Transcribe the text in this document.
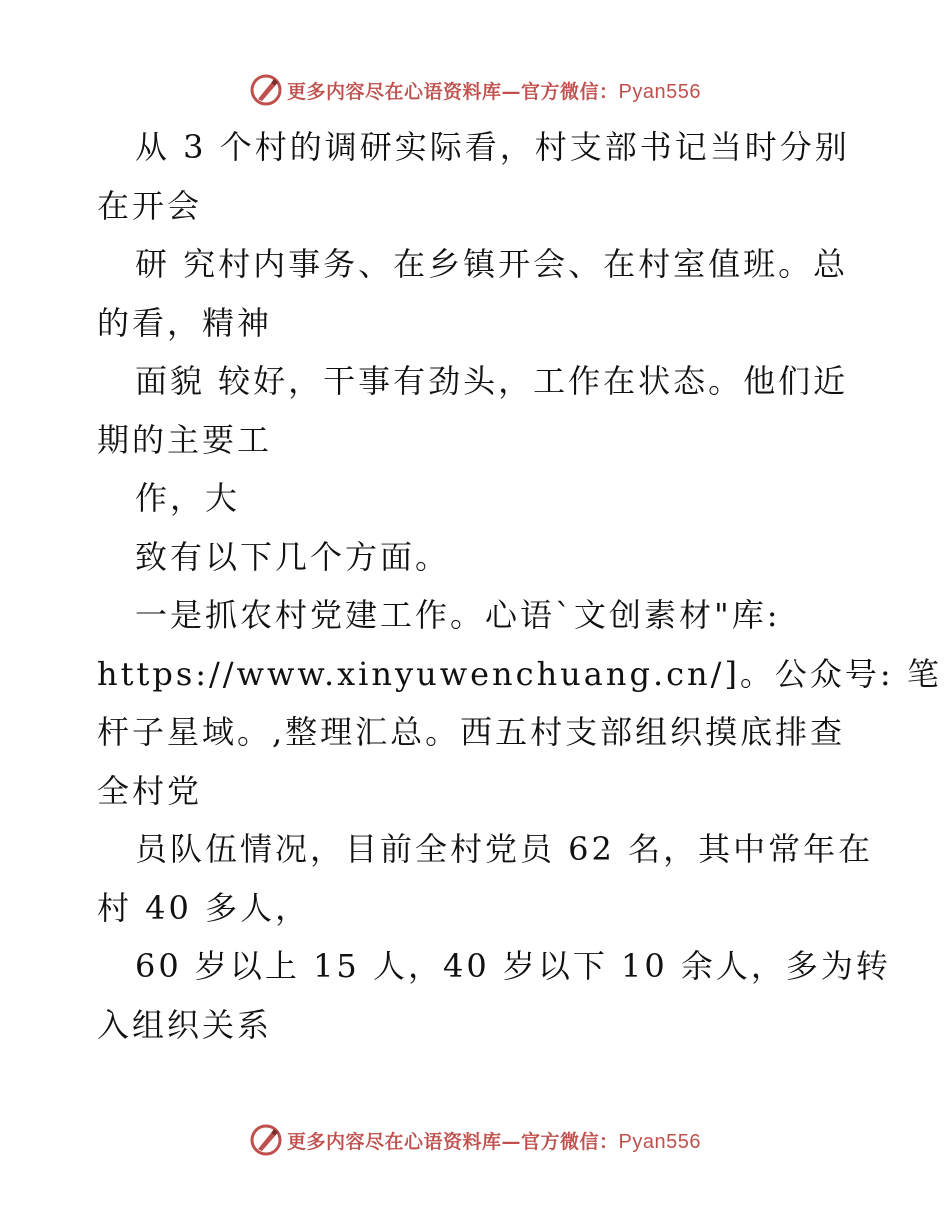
更多内容尽在心语资料库—官方微信：Pyan556
从 3 个村的调研实际看，村支部书记当时分别
在开会
研 究村内事务、在乡镇开会、在村室值班。总
的看，精神
面貌 较好，干事有劲头，工作在状态。他们近
期的主要工
作，大
致有以下几个方面。
一是抓农村党建工作。心语`文创素材"库:
https://www.xinyuwenchuang.cn/]。公众号: 笔
杆子星域。,整理汇总。西五村支部组织摸底排查
全村党
员队伍情况，目前全村党员 62 名，其中常年在
村 40 多人，
60 岁以上 15 人，40 岁以下 10 余人，多为转
入组织关系
更多内容尽在心语资料库—官方微信：Pyan556
